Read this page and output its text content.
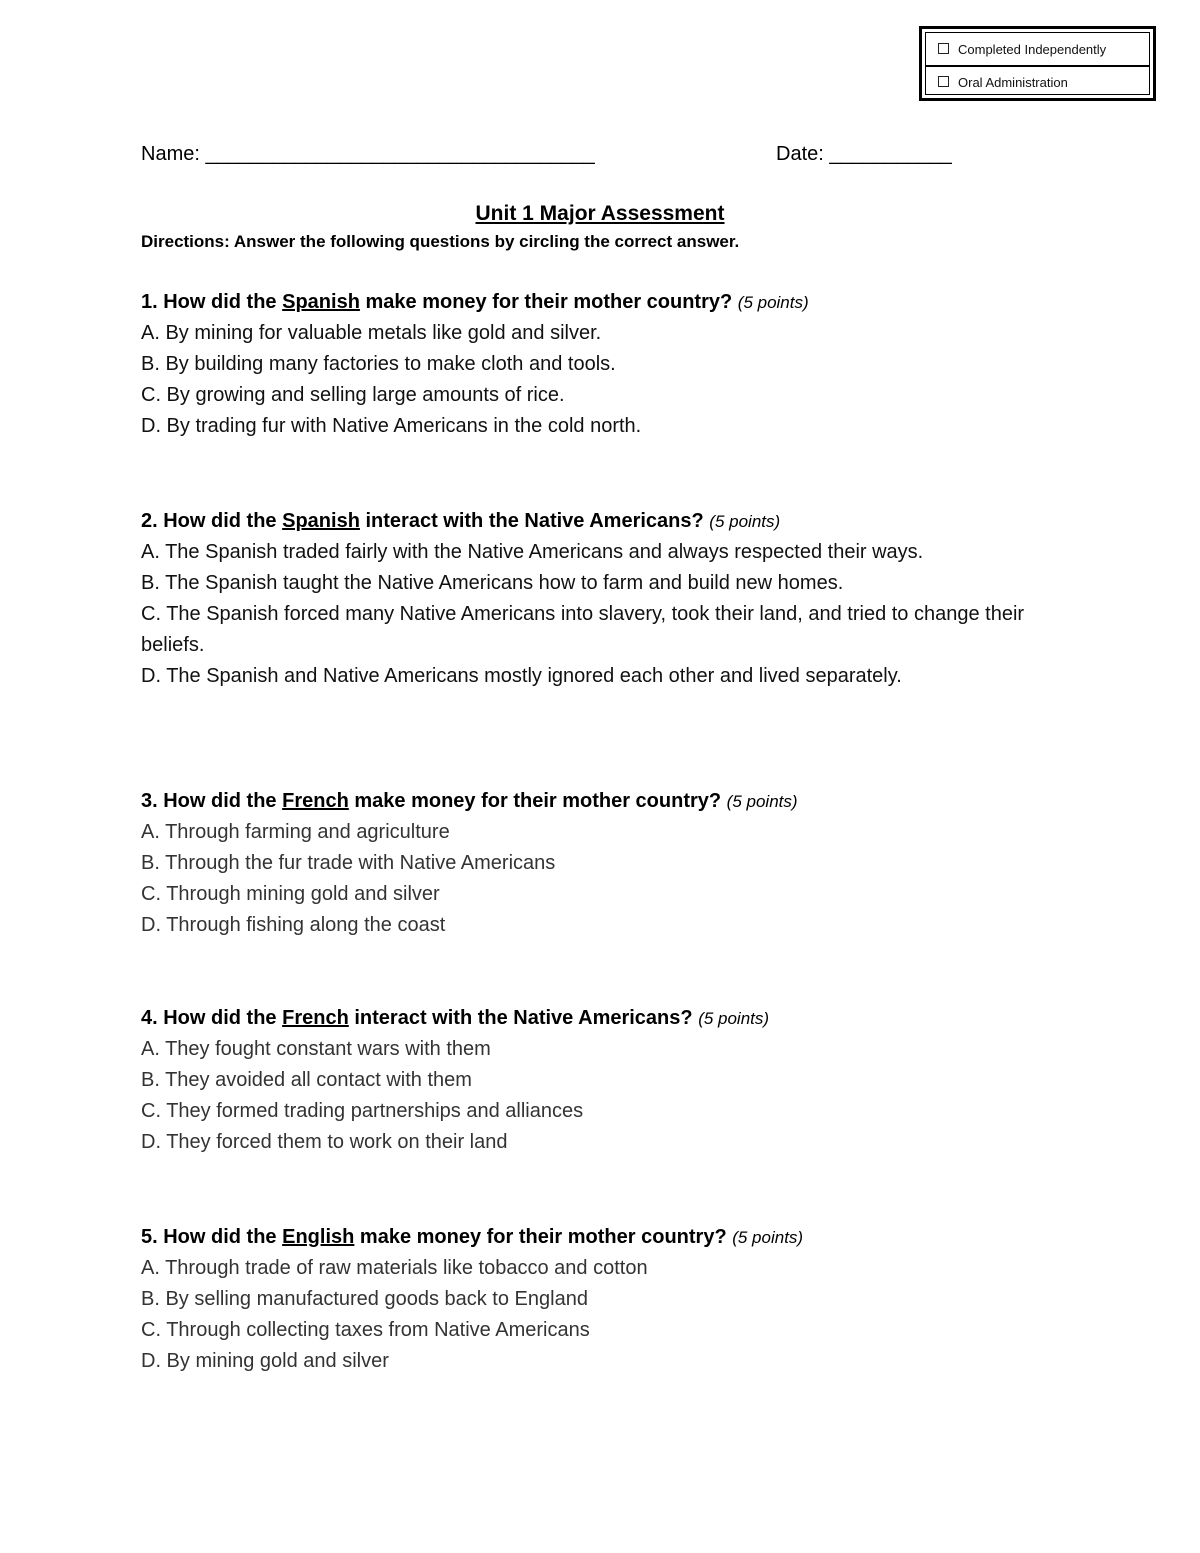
Completed Independently
Oral Administration
Name: ___________________________________	Date: ___________
Unit 1 Major Assessment
Directions: Answer the following questions by circling the correct answer.
1. How did the Spanish make money for their mother country? (5 points)
A. By mining for valuable metals like gold and silver.
B. By building many factories to make cloth and tools.
C. By growing and selling large amounts of rice.
D. By trading fur with Native Americans in the cold north.
2. How did the Spanish interact with the Native Americans? (5 points)
A. The Spanish traded fairly with the Native Americans and always respected their ways.
B. The Spanish taught the Native Americans how to farm and build new homes.
C. The Spanish forced many Native Americans into slavery, took their land, and tried to change their beliefs.
D. The Spanish and Native Americans mostly ignored each other and lived separately.
3. How did the French make money for their mother country? (5 points)
A. Through farming and agriculture
B. Through the fur trade with Native Americans
C. Through mining gold and silver
D. Through fishing along the coast
4. How did the French interact with the Native Americans? (5 points)
A. They fought constant wars with them
B. They avoided all contact with them
C. They formed trading partnerships and alliances
D. They forced them to work on their land
5. How did the English make money for their mother country? (5 points)
A. Through trade of raw materials like tobacco and cotton
B. By selling manufactured goods back to England
C. Through collecting taxes from Native Americans
D. By mining gold and silver
